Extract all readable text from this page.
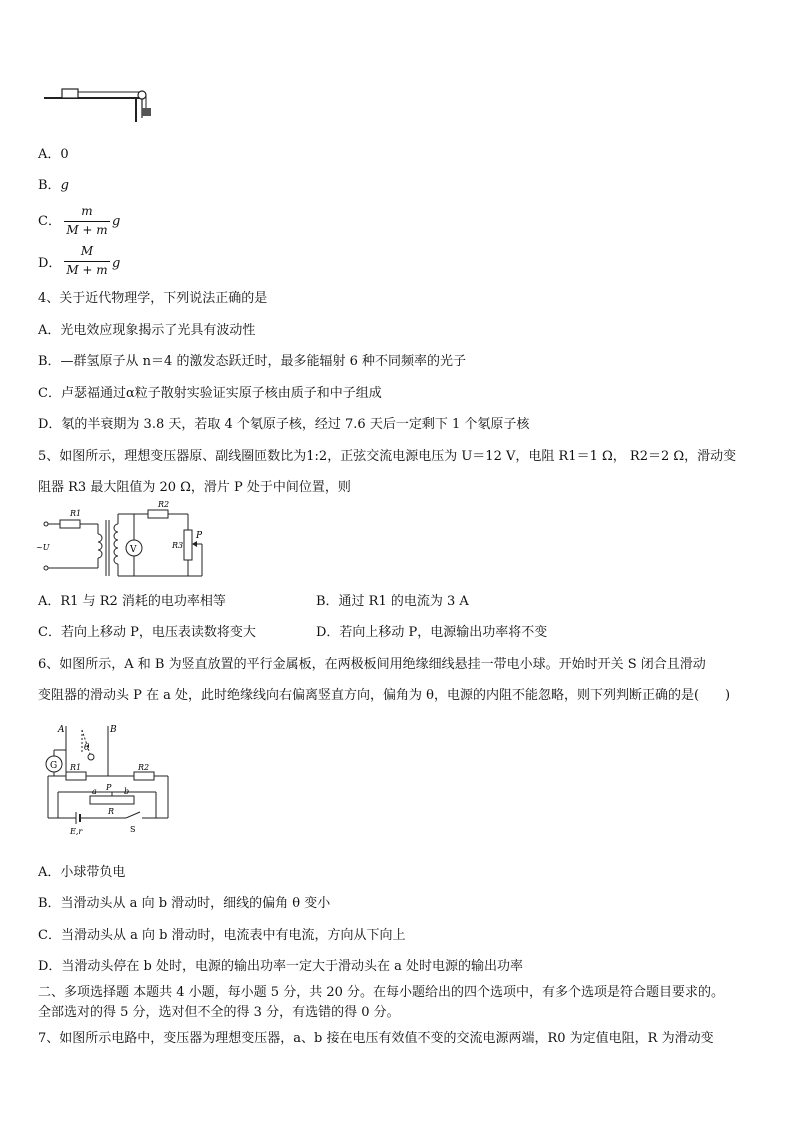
A．0
B．g
C．
m
M + m
g
D．
M
M + m g
4、关于近代物理学，下列说法正确的是
A．光电效应现象揭示了光具有波动性
B．—群氢原子从 n＝4 的激发态跃迁时，最多能辐射 6 种不同频率的光子
C．卢瑟福通过α粒子散射实验证实原子核由质子和中子组成
D．氡的半衰期为 3.8 天，若取 4 个氡原子核，经过 7.6 天后一定剩下 1 个氡原子核
5、如图所示，理想变压器原、副线圈匝数比为1:2，正弦交流电源电压为 U＝12 V，电阻 R1＝1 Ω， R2＝2 Ω，滑动变
阻器 R3 最大阻值为 20 Ω，滑片 P 处于中间位置，则
R1
R2
R3
V
P
~U
A．R1 与 R2 消耗的电功率相等	B．通过 R1 的电流为 3 A
C．若向上移动 P，电压表读数将变大	D．若向上移动 P，电源输出功率将不变
6、如图所示，A 和 B 为竖直放置的平行金属板，在两极板间用绝缘细线悬挂一带电小球。开始时开关 S 闭合且滑动
变阻器的滑动头 P 在 a 处，此时绝缘线向右偏离竖直方向，偏角为 θ，电源的内阻不能忽略，则下列判断正确的是(　　)
A	B
θ
G R1	R2
a P b
R
E,r	S
A．小球带负电
B．当滑动头从 a 向 b 滑动时，细线的偏角 θ 变小
C．当滑动头从 a 向 b 滑动时，电流表中有电流，方向从下向上
D．当滑动头停在 b 处时，电源的输出功率一定大于滑动头在 a 处时电源的输出功率
二、多项选择题 本题共 4 小题，每小题 5 分，共 20 分。在每小题给出的四个选项中，有多个选项是符合题目要求的。
全部选对的得 5 分，选对但不全的得 3 分，有选错的得 0 分。
7、如图所示电路中，变压器为理想变压器，a、b 接在电压有效值不变的交流电源两端，R0 为定值电阻，R 为滑动变
